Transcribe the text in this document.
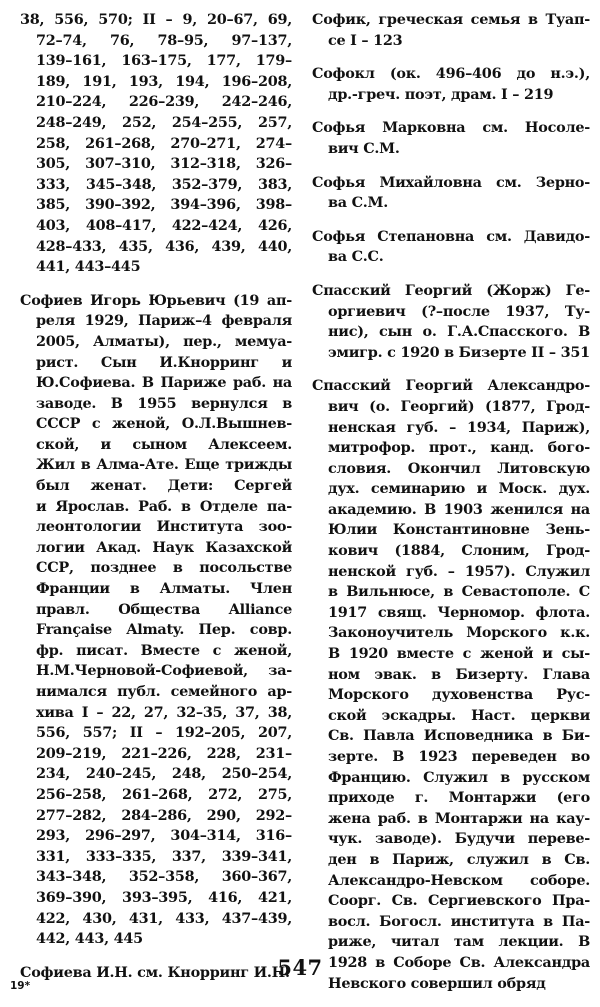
38, 556, 570; II – 9, 20–67, 69,
72–74, 76, 78–95, 97–137,
139–161, 163–175, 177, 179–
189, 191, 193, 194, 196–208,
210–224, 226–239, 242–246,
248–249, 252, 254–255, 257,
258, 261–268, 270–271, 274–
305, 307–310, 312–318, 326–
333, 345–348, 352–379, 383,
385, 390–392, 394–396, 398–
403, 408–417, 422–424, 426,
428–433, 435, 436, 439, 440,
441, 443–445
Софиев Игорь Юрьевич (19 ап-
реля 1929, Париж–4 февраля
2005, Алматы), пер., мемуа-
рист. Сын И.Кнорринг и
Ю.Софиева. В Париже раб. на
заводе. В 1955 вернулся в
СССР с женой, О.Л.Вышнев-
ской, и сыном Алексеем.
Жил в Алма-Ате. Еще трижды
был женат. Дети: Сергей
и Ярослав. Раб. в Отделе па-
леонтологии Института зоо-
логии Акад. Наук Казахской
ССР, позднее в посольстве
Франции в Алматы. Член
правл. Общества Alliance
Française Almaty. Пер. совр.
фр. писат. Вместе с женой,
Н.М.Черновой-Софиевой, за-
нимался публ. семейного ар-
хива I – 22, 27, 32–35, 37, 38,
556, 557; II – 192–205, 207,
209–219, 221–226, 228, 231–
234, 240–245, 248, 250–254,
256–258, 261–268, 272, 275,
277–282, 284–286, 290, 292–
293, 296–297, 304–314, 316–
331, 333–335, 337, 339–341,
343–348, 352–358, 360–367,
369–390, 393–395, 416, 421,
422, 430, 431, 433, 437–439,
442, 443, 445
Софиева И.Н. см. Кнорринг И.Н.
Софик, греческая семья в Туап-
се I – 123
Софокл (ок. 496–406 до н.э.),
др.-греч. поэт, драм. I – 219
Софья Марковна см. Носоле-
вич С.М.
Софья Михайловна см. Зерно-
ва С.М.
Софья Степановна см. Давидо-
ва С.С.
Спасский Георгий (Жорж) Ге-
оргиевич (?–после 1937, Ту-
нис), сын о. Г.А.Спасского. В
эмигр. с 1920 в Бизерте II – 351
Спасский Георгий Александро-
вич (о. Георгий) (1877, Грод-
ненская губ. – 1934, Париж),
митрофор. прот., канд. бого-
словия. Окончил Литовскую
дух. семинарию и Моск. дух.
академию. В 1903 женился на
Юлии Константиновне Зень-
кович (1884, Слоним, Грод-
ненской губ. – 1957). Служил
в Вильнюсе, в Севастополе. С
1917 свящ. Черномор. флота.
Законоучитель Морского к.к.
В 1920 вместе с женой и сы-
ном эвак. в Бизерту. Глава
Морского духовенства Рус-
ской эскадры. Наст. церкви
Св. Павла Исповедника в Би-
зерте. В 1923 переведен во
Францию. Служил в русском
приходе г. Монтаржи (его
жена раб. в Монтаржи на кау-
чук. заводе). Будучи переве-
ден в Париж, служил в Св.
Александро-Невском соборе.
Соорг. Св. Сергиевского Пра-
восл. Богосл. института в Па-
риже, читал там лекции. В
1928 в Соборе Св. Александра
Невского совершил обряд
547
19*
